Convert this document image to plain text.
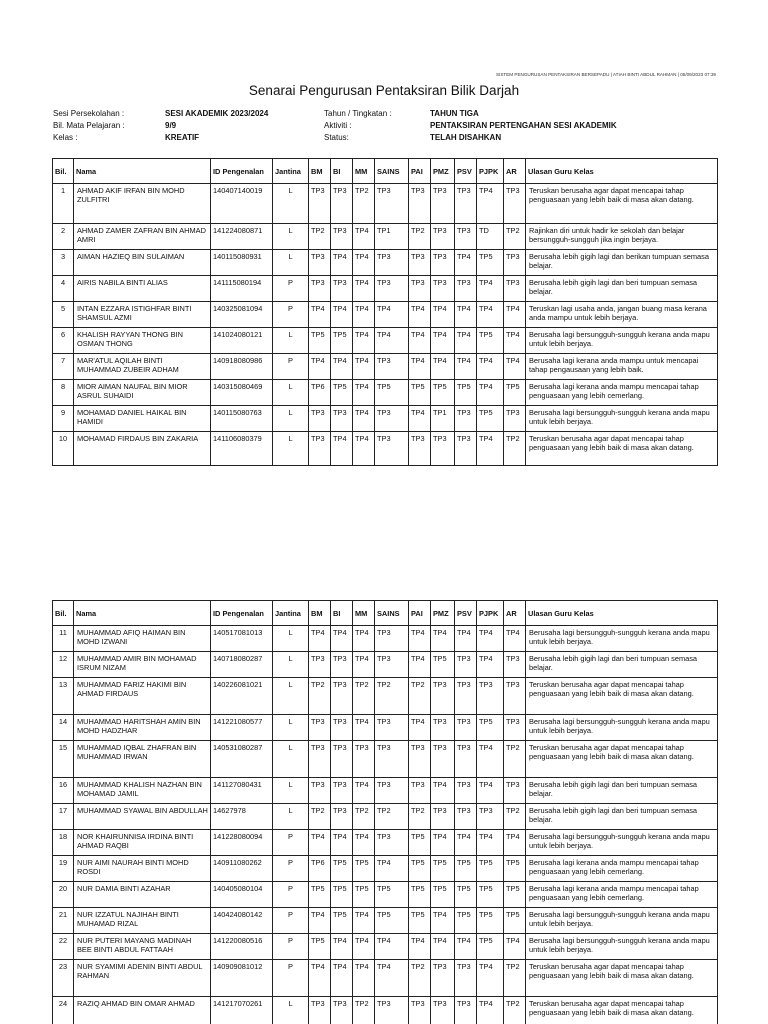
SISTEM PENGURUSAN PENTAKSIRAN BERSEPADU | ATIAH BINTI ABDUL RAHMAN | 05/09/2023 07:39
Senarai Pengurusan Pentaksiran Bilik Darjah
Sesi Persekolahan :	SESI AKADEMIK 2023/2024	Tahun / Tingkatan :	TAHUN TIGA
Bil. Mata Pelajaran :	9/9	Aktiviti :	PENTAKSIRAN PERTENGAHAN SESI AKADEMIK
Kelas :	KREATIF	Status:	TELAH DISAHKAN
Bil.	Nama	ID Pengenalan	Jantina	BM	BI	MM	SAINS	PAI	PMZ	PSV	PJPK	AR	Ulasan Guru Kelas
1	AHMAD AKIF IRFAN BIN MOHD ZULFITRI	140407140019	L	TP3	TP3	TP2	TP3	TP3	TP3	TP3	TP4	TP3	Teruskan berusaha agar dapat mencapai tahap penguasaan yang lebih baik di masa akan datang.
2	AHMAD ZAMER ZAFRAN BIN AHMAD AMRI	141224080871	L	TP2	TP3	TP4	TP1	TP2	TP3	TP3	TD	TP2	Rajinkan diri untuk hadir ke sekolah dan belajar bersungguh-sungguh jika ingin berjaya.
3	AIMAN HAZIEQ BIN SULAIMAN	140115080931	L	TP3	TP4	TP4	TP3	TP3	TP3	TP4	TP5	TP3	Berusaha lebih gigih lagi dan berikan tumpuan semasa belajar.
4	AIRIS NABILA BINTI ALIAS	141115080194	P	TP3	TP3	TP4	TP3	TP3	TP3	TP3	TP4	TP3	Berusaha lebih gigih lagi dan beri tumpuan semasa belajar.
5	INTAN EZZARA ISTIGHFAR BINTI SHAMSUL AZMI	140325081094	P	TP4	TP4	TP4	TP4	TP4	TP4	TP4	TP4	TP4	Teruskan lagi usaha anda, jangan buang masa kerana anda mampu untuk lebih berjaya.
6	KHALISH RAYYAN THONG BIN OSMAN THONG	141024080121	L	TP5	TP5	TP4	TP4	TP4	TP4	TP4	TP5	TP4	Berusaha lagi bersungguh-sungguh kerana anda mapu untuk lebih berjaya.
7	MAR'ATUL AQILAH BINTI MUHAMMAD ZUBEIR ADHAM	140918080986	P	TP4	TP4	TP4	TP3	TP4	TP4	TP4	TP4	TP4	Berusaha lagi kerana anda mampu untuk mencapai tahap pengausaan yang lebih baik.
8	MIOR AIMAN NAUFAL BIN MIOR ASRUL SUHAIDI	140315080469	L	TP6	TP5	TP4	TP5	TP5	TP5	TP5	TP4	TP5	Berusaha lagi kerana anda mampu mencapai tahap penguasaan yang lebih cemerlang.
9	MOHAMAD DANIEL HAIKAL BIN HAMIDI	140115080763	L	TP3	TP3	TP4	TP3	TP4	TP1	TP3	TP5	TP3	Berusaha lagi bersungguh-sungguh kerana anda mapu untuk lebih berjaya.
10	MOHAMAD FIRDAUS BIN ZAKARIA	141106080379	L	TP3	TP4	TP4	TP3	TP3	TP3	TP3	TP4	TP2	Teruskan berusaha agar dapat mencapai tahap penguasaan yang lebih baik di masa akan datang.
Bil.	Nama	ID Pengenalan	Jantina	BM	BI	MM	SAINS	PAI	PMZ	PSV	PJPK	AR	Ulasan Guru Kelas
11	MUHAMMAD AFIQ HAIMAN BIN MOHD IZWANI	140517081013	L	TP4	TP4	TP4	TP3	TP4	TP4	TP4	TP4	TP4	Berusaha lagi bersungguh-sungguh kerana anda mapu untuk lebih berjaya.
12	MUHAMMAD AMIR BIN MOHAMAD ISRUM NIZAM	140718080287	L	TP3	TP3	TP4	TP3	TP4	TP5	TP3	TP4	TP3	Berusaha lebih gigih lagi dan beri tumpuan semasa belajar.
13	MUHAMMAD FARIZ HAKIMI BIN AHMAD FIRDAUS	140226081021	L	TP2	TP3	TP2	TP2	TP2	TP3	TP3	TP3	TP3	Teruskan berusaha agar dapat mencapai tahap penguasaan yang lebih baik di masa akan datang.
14	MUHAMMAD HARITSHAH AMIN BIN MOHD HADZHAR	141221080577	L	TP3	TP3	TP4	TP3	TP4	TP3	TP3	TP5	TP3	Berusaha lagi bersungguh-sungguh kerana anda mapu untuk lebih berjaya.
15	MUHAMMAD IQBAL ZHAFRAN BIN MUHAMMAD IRWAN	140531080287	L	TP3	TP3	TP3	TP3	TP3	TP3	TP3	TP4	TP2	Teruskan berusaha agar dapat mencapai tahap penguasaan yang lebih baik di masa akan datang.
16	MUHAMMAD KHALISH NAZHAN BIN MOHAMAD JAMIL	141127080431	L	TP3	TP3	TP4	TP3	TP3	TP4	TP3	TP4	TP3	Berusaha lebih gigih lagi dan beri tumpuan semasa belajar.
17	MUHAMMAD SYAWAL BIN ABDULLAH	14627978	L	TP2	TP3	TP2	TP2	TP2	TP3	TP3	TP3	TP2	Berusaha lebih gigih lagi dan beri tumpuan semasa belajar.
18	NOR KHAIRUNNISA IRDINA BINTI AHMAD RAQBI	141228080094	P	TP4	TP4	TP4	TP3	TP5	TP4	TP4	TP4	TP4	Berusaha lagi bersungguh-sungguh kerana anda mapu untuk lebih berjaya.
19	NUR AIMI NAURAH BINTI MOHD ROSDI	140911080262	P	TP6	TP5	TP5	TP4	TP5	TP5	TP5	TP5	TP5	Berusaha lagi kerana anda mampu mencapai tahap penguasaan yang lebih cemerlang.
20	NUR DAMIA BINTI AZAHAR	140405080104	P	TP5	TP5	TP5	TP5	TP5	TP5	TP5	TP5	TP5	Berusaha lagi kerana anda mampu mencapai tahap penguasaan yang lebih cemerlang.
21	NUR IZZATUL NAJIHAH BINTI MUHAMAD RIZAL	140424080142	P	TP4	TP5	TP4	TP5	TP5	TP4	TP5	TP5	TP5	Berusaha lagi bersungguh-sungguh kerana anda mapu untuk lebih berjaya.
22	NUR PUTERI MAYANG MADINAH BEE BINTI ABDUL FATTAAH	141220080516	P	TP5	TP4	TP4	TP4	TP4	TP4	TP4	TP5	TP4	Berusaha lagi bersungguh-sungguh kerana anda mapu untuk lebih berjaya.
23	NUR SYAMIMI ADENIN BINTI ABDUL RAHMAN	140909081012	P	TP4	TP4	TP4	TP4	TP2	TP3	TP3	TP4	TP2	Teruskan berusaha agar dapat mencapai tahap penguasaan yang lebih baik di masa akan datang.
24	RAZIQ AHMAD BIN OMAR AHMAD	141217070261	L	TP3	TP3	TP2	TP3	TP3	TP3	TP3	TP4	TP2	Teruskan berusaha agar dapat mencapai tahap penguasaan yang lebih baik di masa akan datang.
